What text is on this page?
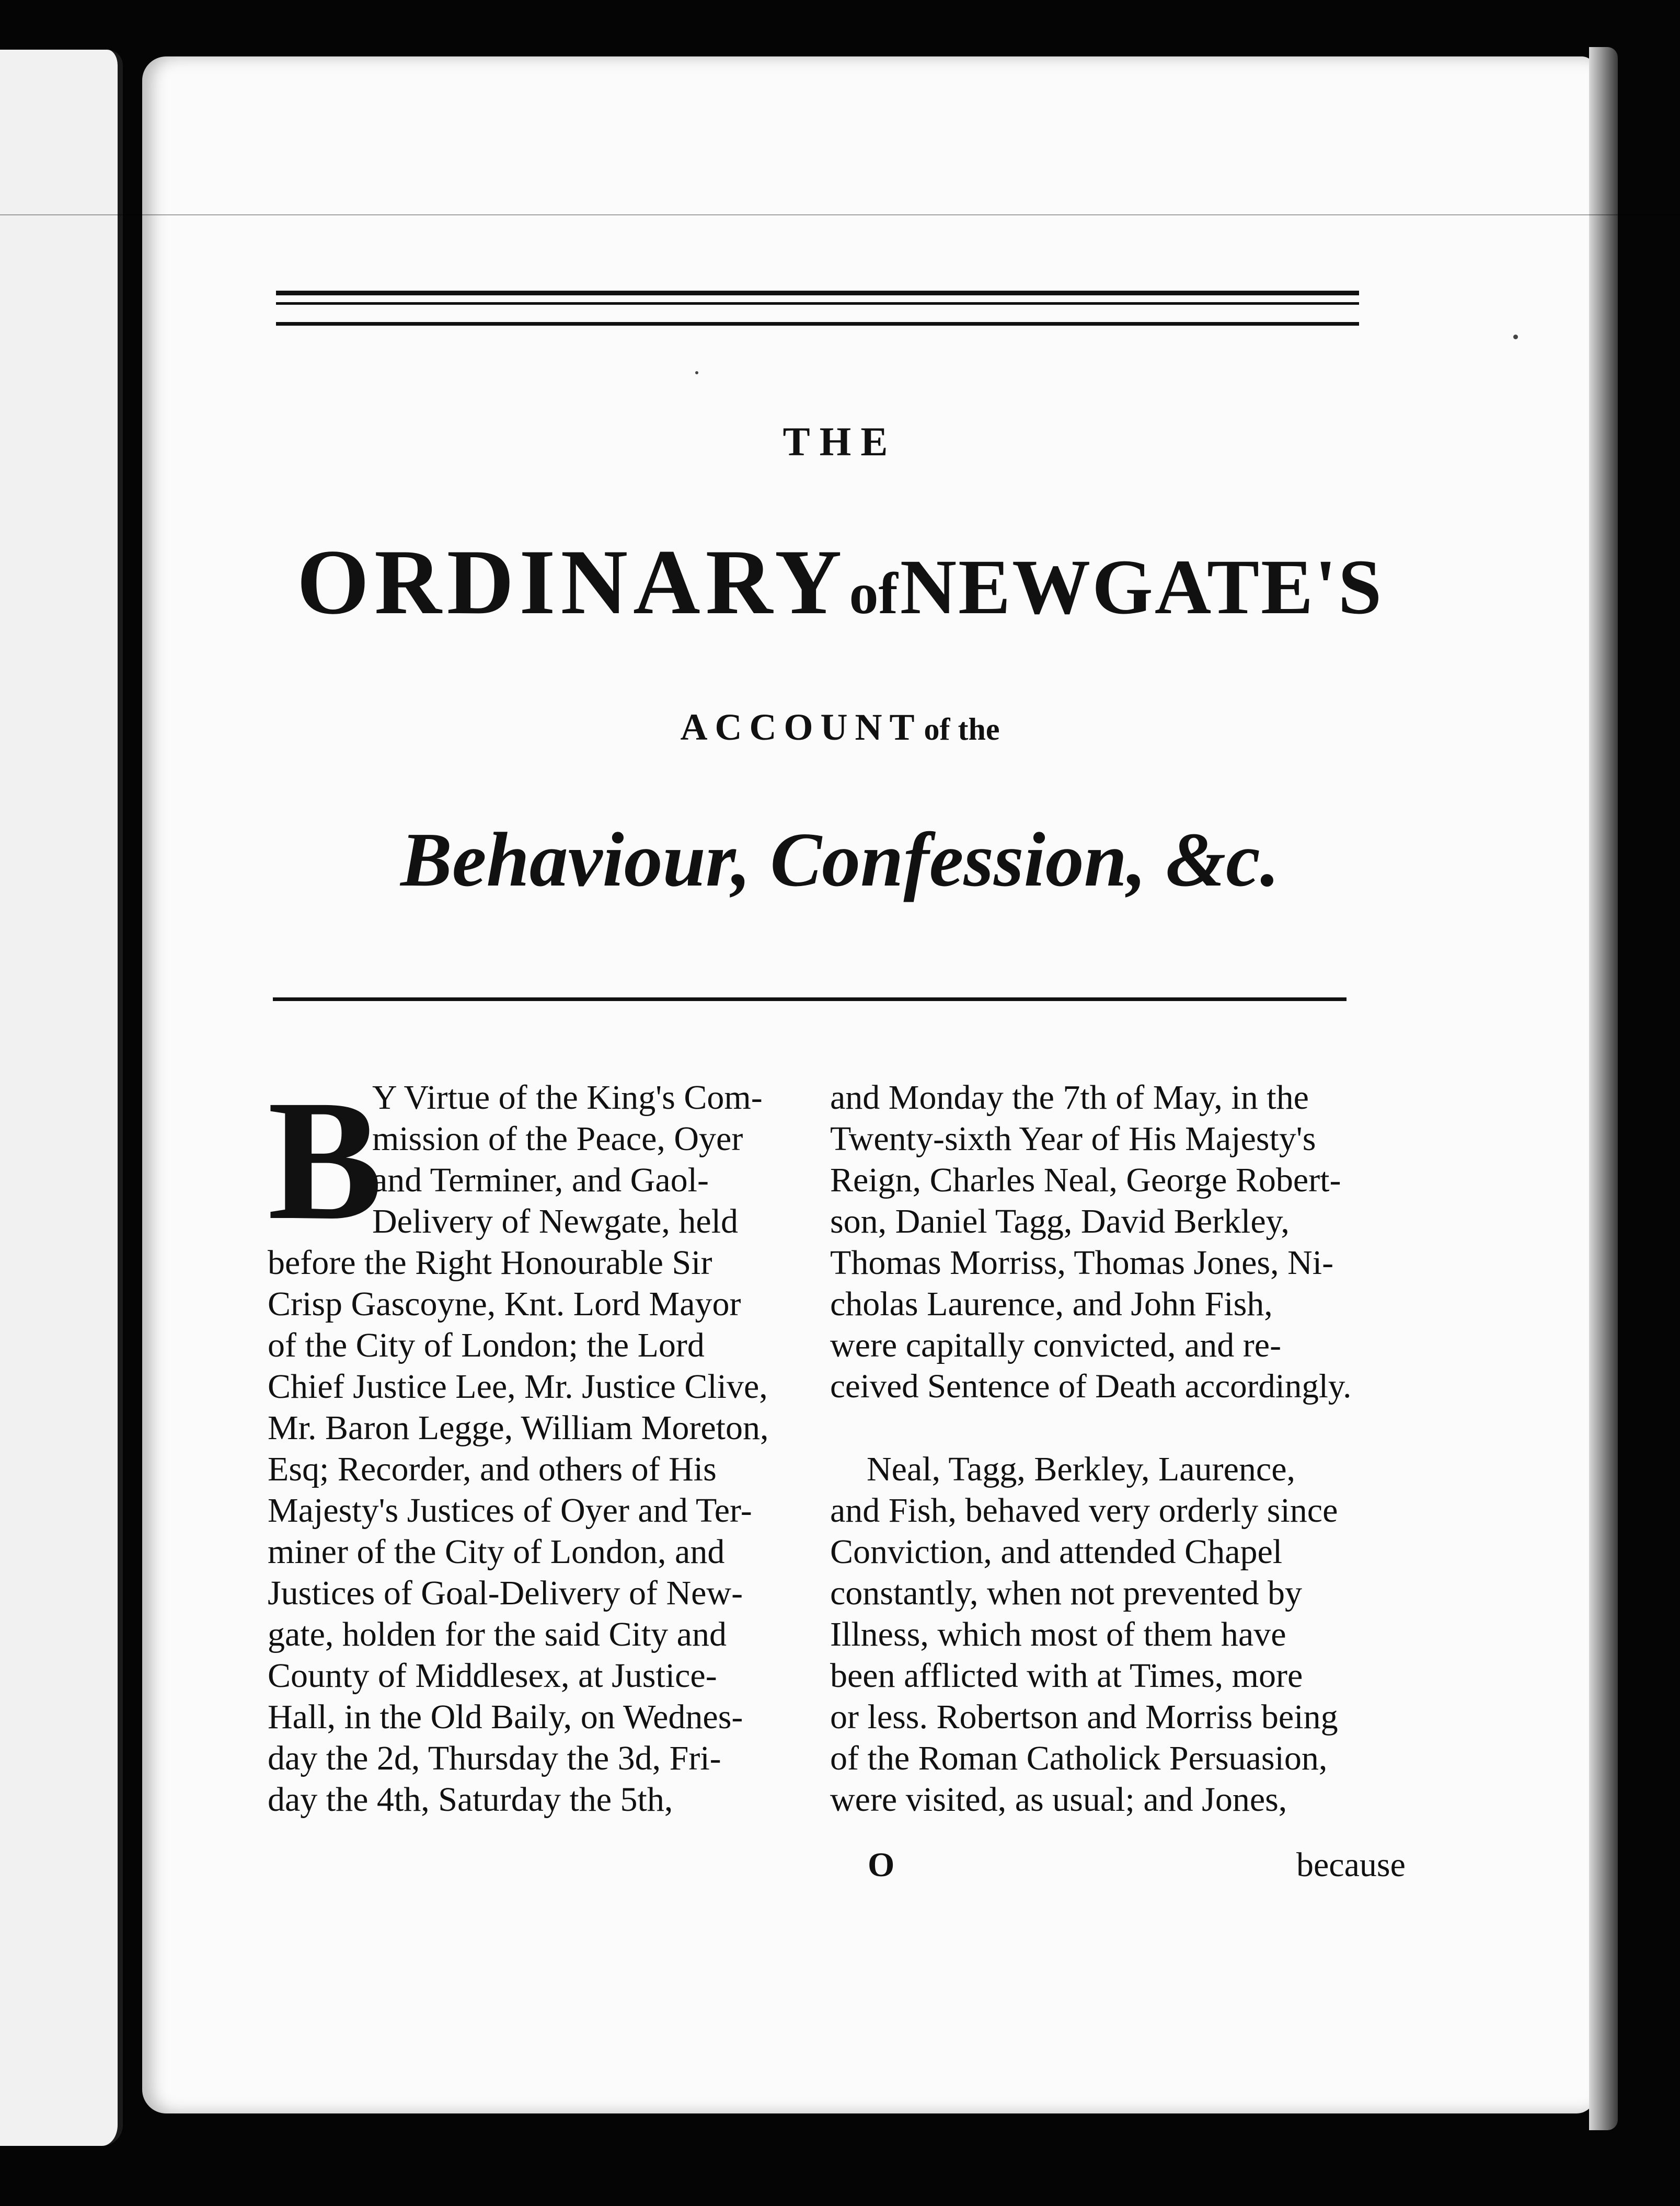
THE
ORDINARY of NEWGATE'S
ACCOUNT of the
Behaviour, Confession, &c.
B
Y Virtue of the King's Com-
mission of the Peace, Oyer
and Terminer, and Gaol-
Delivery of Newgate, held
before the Right Honourable Sir
Crisp Gascoyne, Knt. Lord Mayor
of the City of London; the Lord
Chief Justice Lee, Mr. Justice Clive,
Mr. Baron Legge, William Moreton,
Esq; Recorder, and others of His
Majesty's Justices of Oyer and Ter-
miner of the City of London, and
Justices of Goal-Delivery of New-
gate, holden for the said City and
County of Middlesex, at Justice-
Hall, in the Old Baily, on Wednes-
day the 2d, Thursday the 3d, Fri-
day the 4th, Saturday the 5th,
and Monday the 7th of May, in the
Twenty-sixth Year of His Majesty's
Reign, Charles Neal, George Robert-
son, Daniel Tagg, David Berkley,
Thomas Morriss, Thomas Jones, Ni-
cholas Laurence, and John Fish,
were capitally convicted, and re-
ceived Sentence of Death accordingly.
Neal, Tagg, Berkley, Laurence,
and Fish, behaved very orderly since
Conviction, and attended Chapel
constantly, when not prevented by
Illness, which most of them have
been afflicted with at Times, more
or less. Robertson and Morriss being
of the Roman Catholick Persuasion,
were visited, as usual; and Jones,
O	because
